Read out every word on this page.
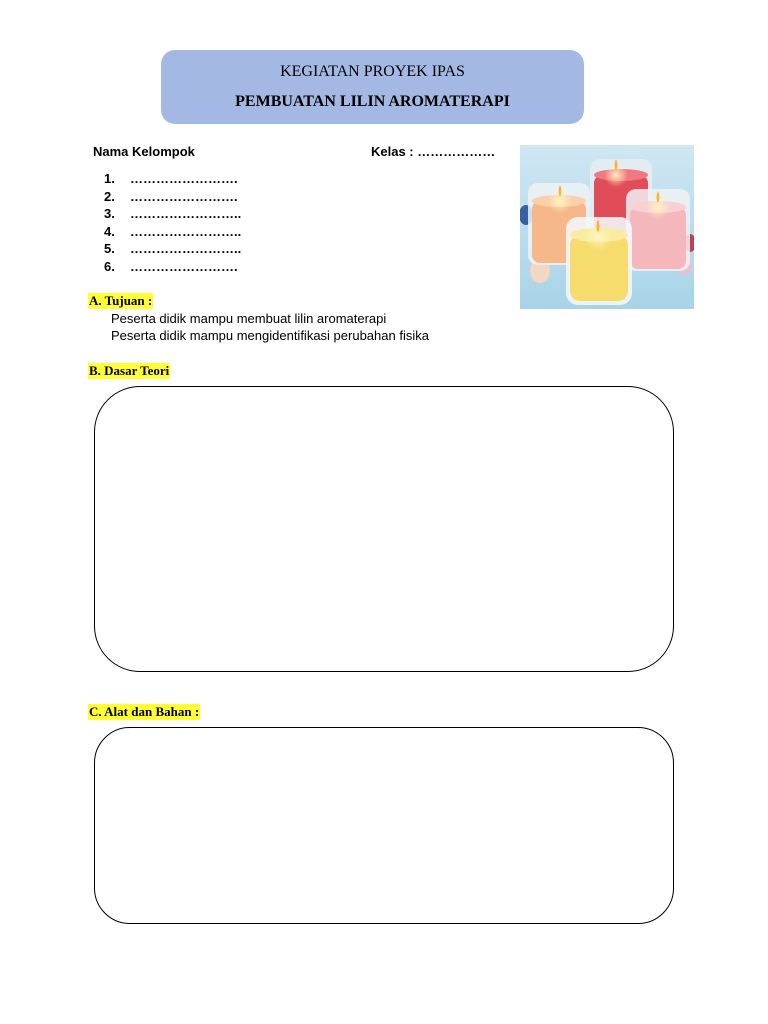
KEGIATAN PROYEK IPAS
PEMBUATAN LILIN AROMATERAPI
Nama Kelompok	Kelas : ………………
1.	…………………….
2.	…………………….
3.	……………………..
4.	……………………..
5.	……………………..
6.	…………………….
A. Tujuan :
Peserta didik mampu membuat lilin aromaterapi
Peserta didik mampu mengidentifikasi perubahan fisika
B. Dasar Teori
C. Alat dan Bahan :
